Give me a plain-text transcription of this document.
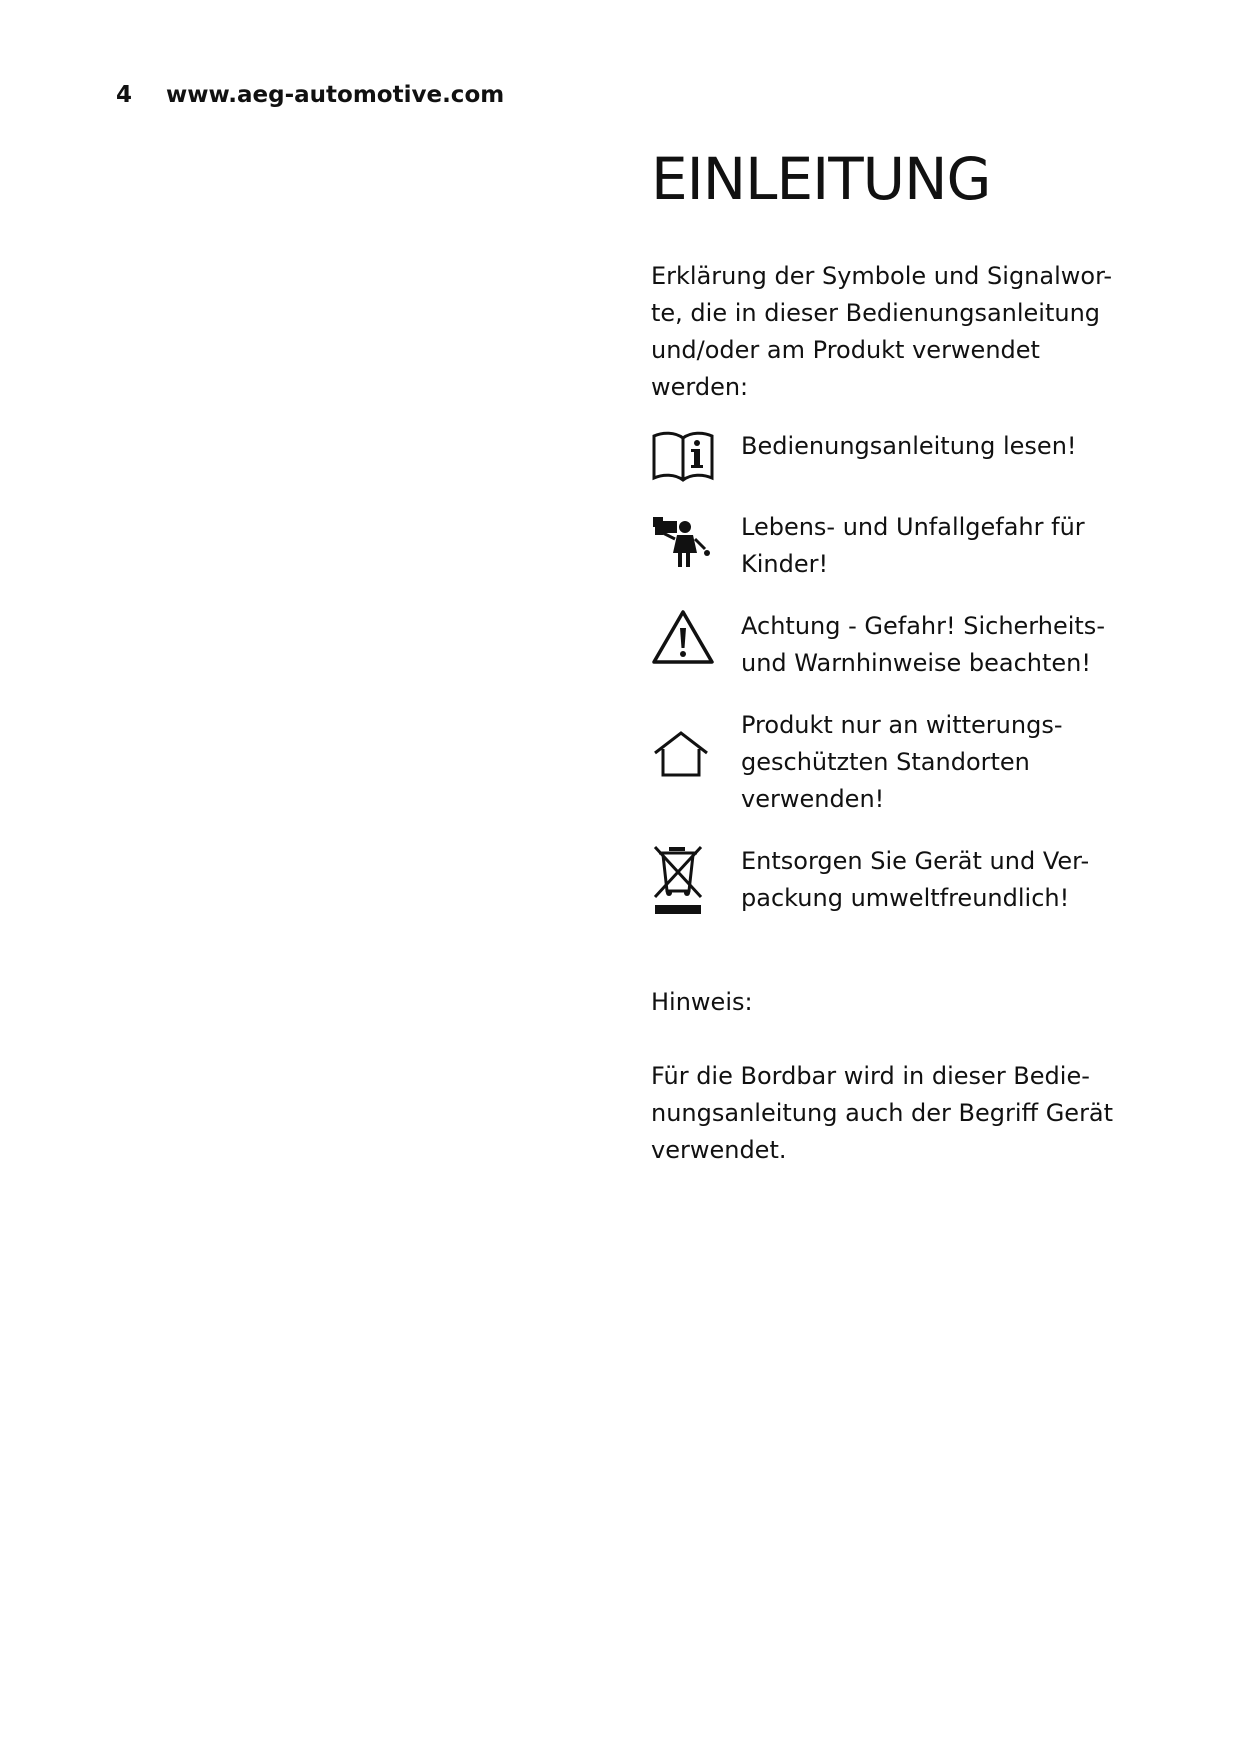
4	www.aeg-automotive.com
EINLEITUNG
Erklärung der Symbole und Signalwor-
te, die in dieser Bedienungsanleitung
und/oder am Produkt verwendet
werden:
Bedienungsanleitung lesen!
Lebens- und Unfallgefahr für
Kinder!
Achtung - Gefahr! Sicherheits-
und Warnhinweise beachten!
Produkt nur an witterungs-
geschützten Standorten
verwenden!
Entsorgen Sie Gerät und Ver-
packung umweltfreundlich!

Hinweis:

Für die Bordbar wird in dieser Bedie-
nungsanleitung auch der Begriff Gerät
verwendet.
